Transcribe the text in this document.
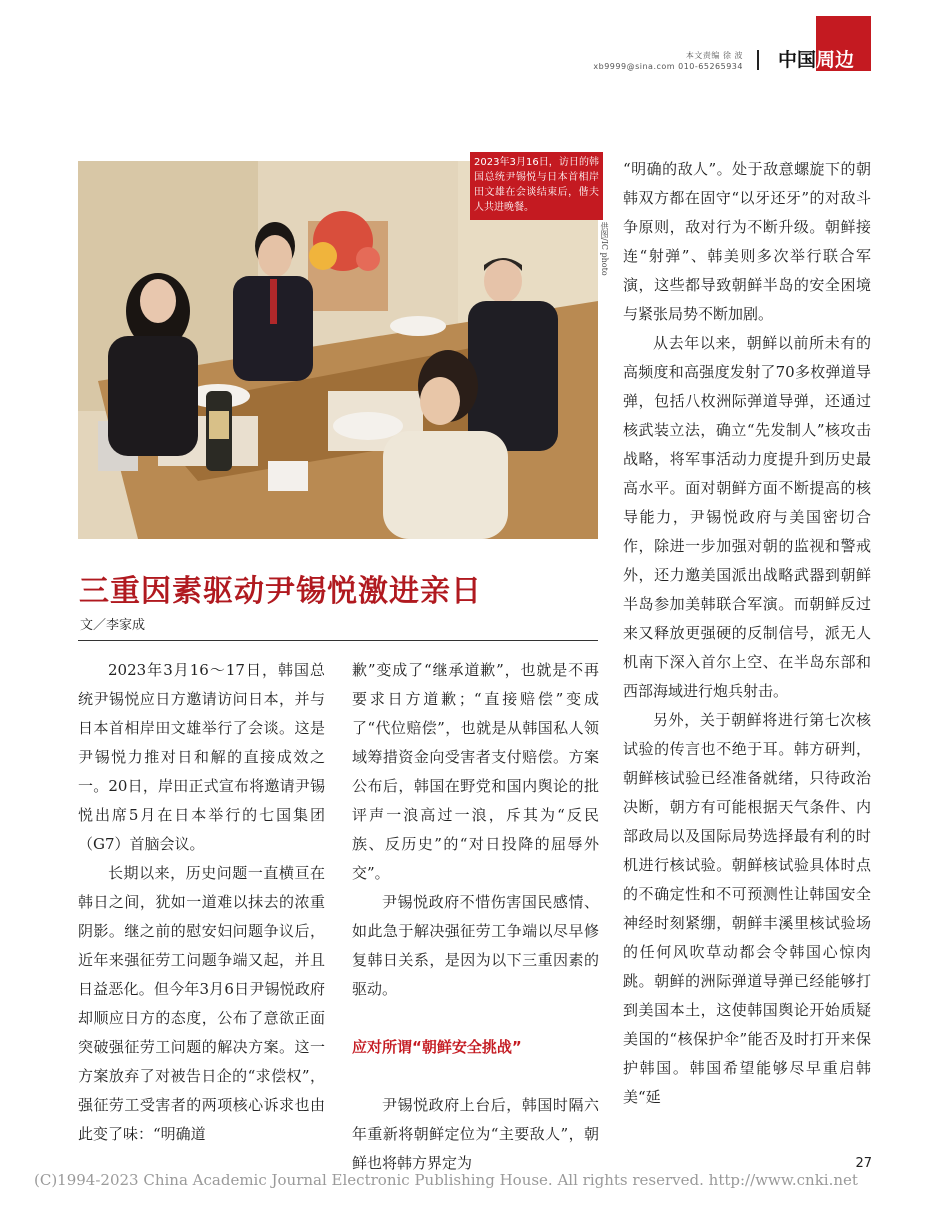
本文责编 徐 波
xb9999@sina.com 010-65265934 中国周边
2023年3月16日，访日的韩国总统尹锡悦与日本首相岸田文雄在会谈结束后，偕夫人共进晚餐。
供图/IC photo
三重因素驱动尹锡悦激进亲日
文／李家成

2023年3月16～17日，韩国总统尹锡悦应日方邀请访问日本，并与日本首相岸田文雄举行了会谈。这是尹锡悦力推对日和解的直接成效之一。20日，岸田正式宣布将邀请尹锡悦出席5月在日本举行的七国集团（G7）首脑会议。

长期以来，历史问题一直横亘在韩日之间，犹如一道难以抹去的浓重阴影。继之前的慰安妇问题争议后，近年来强征劳工问题争端又起，并且日益恶化。但今年3月6日尹锡悦政府却顺应日方的态度，公布了意欲正面突破强征劳工问题的解决方案。这一方案放弃了对被告日企的“求偿权”，强征劳工受害者的两项核心诉求也由此变了味：“明确道

歉”变成了“继承道歉”，也就是不再要求日方道歉；“直接赔偿”变成了“代位赔偿”，也就是从韩国私人领域筹措资金向受害者支付赔偿。方案公布后，韩国在野党和国内舆论的批评声一浪高过一浪，斥其为“反民族、反历史”的“对日投降的屈辱外交”。

尹锡悦政府不惜伤害国民感情、如此急于解决强征劳工争端以尽早修复韩日关系，是因为以下三重因素的驱动。

应对所谓“朝鲜安全挑战”

尹锡悦政府上台后，韩国时隔六年重新将朝鲜定位为“主要敌人”，朝鲜也将韩方界定为

“明确的敌人”。处于敌意螺旋下的朝韩双方都在固守“以牙还牙”的对敌斗争原则，敌对行为不断升级。朝鲜接连“射弹”、韩美则多次举行联合军演，这些都导致朝鲜半岛的安全困境与紧张局势不断加剧。

从去年以来，朝鲜以前所未有的高频度和高强度发射了70多枚弹道导弹，包括八枚洲际弹道导弹，还通过核武装立法，确立“先发制人”核攻击战略，将军事活动力度提升到历史最高水平。面对朝鲜方面不断提高的核导能力，尹锡悦政府与美国密切合作，除进一步加强对朝的监视和警戒外，还力邀美国派出战略武器到朝鲜半岛参加美韩联合军演。而朝鲜反过来又释放更强硬的反制信号，派无人机南下深入首尔上空、在半岛东部和西部海域进行炮兵射击。

另外，关于朝鲜将进行第七次核试验的传言也不绝于耳。韩方研判，朝鲜核试验已经准备就绪，只待政治决断，朝方有可能根据天气条件、内部政局以及国际局势选择最有利的时机进行核试验。朝鲜核试验具体时点的不确定性和不可预测性让韩国安全神经时刻紧绷，朝鲜丰溪里核试验场的任何风吹草动都会令韩国心惊肉跳。朝鲜的洲际弹道导弹已经能够打到美国本土，这使韩国舆论开始质疑美国的“核保护伞”能否及时打开来保护韩国。韩国希望能够尽早重启韩美“延

27
(C)1994-2023 China Academic Journal Electronic Publishing House. All rights reserved. http://www.cnki.net
